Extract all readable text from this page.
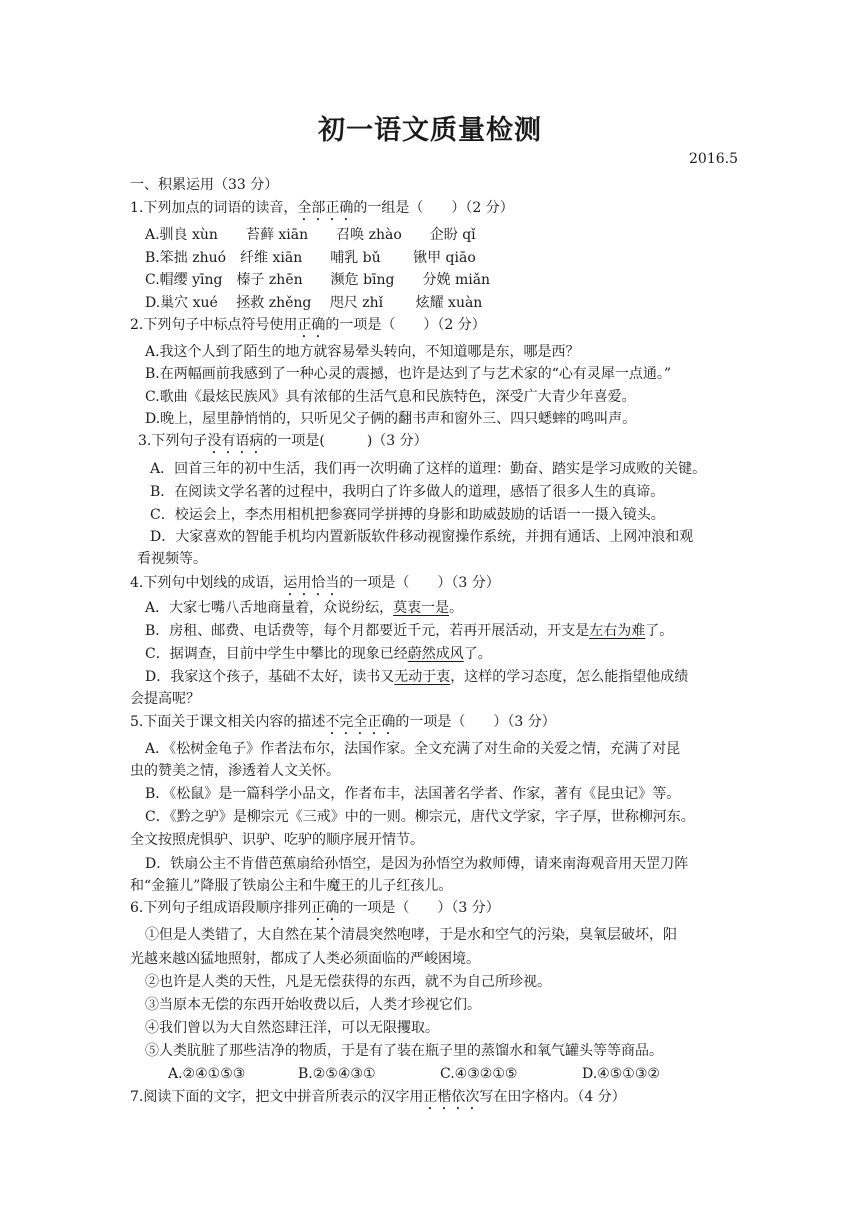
初一语文质量检测
2016.5
一、积累运用（33 分）
1.下列加点的词语的读音，全部正确的一组是（　　）（2 分）
A.驯良 xùn　　苔藓 xiān　　召唤 zhào　　企盼 qǐ
B.笨拙 zhuó　纤维 xiān　　哺乳 bǔ　　 锹甲 qiāo
C.帽缨 yīng　榛子 zhēn　　濒危 bīng　　分娩 miǎn
D.巢穴 xué　 拯救 zhěng　 咫尺 zhǐ　　 炫耀 xuàn
2.下列句子中标点符号使用正确的一项是（　　）（2 分）
A.我这个人到了陌生的地方就容易晕头转向，不知道哪是东，哪是西？
B.在两幅画前我感到了一种心灵的震撼，也许是达到了与艺术家的“心有灵犀一点通。”
C.歌曲《最炫民族风》具有浓郁的生活气息和民族特色，深受广大青少年喜爱。
D.晚上，屋里静悄悄的，只听见父子俩的翻书声和窗外三、四只蟋蟀的鸣叫声。
3.下列句子没有语病的一项是(　　　)（3 分）
A．回首三年的初中生活，我们再一次明确了这样的道理：勤奋、踏实是学习成败的关键。
B．在阅读文学名著的过程中，我明白了许多做人的道理，感悟了很多人生的真谛。
C．校运会上，李杰用相机把参赛同学拼搏的身影和助威鼓励的话语一一摄入镜头。
D．大家喜欢的智能手机均内置新版软件移动视窗操作系统，并拥有通话、上网冲浪和观
看视频等。
4.下列句中划线的成语，运用恰当的一项是（　　）（3 分）
A．大家七嘴八舌地商量着，众说纷纭，莫衷一是。
B．房租、邮费、电话费等，每个月都要近千元，若再开展活动，开支是左右为难了。
C．据调查，目前中学生中攀比的现象已经蔚然成风了。
D．我家这个孩子，基础不太好，读书又无动于衷，这样的学习态度，怎么能指望他成绩
会提高呢？
5.下面关于课文相关内容的描述不完全正确的一项是（　　）（3 分）
A．《松树金龟子》作者法布尔，法国作家。全文充满了对生命的关爱之情，充满了对昆
虫的赞美之情，渗透着人文关怀。
B．《松鼠》是一篇科学小品文，作者布丰，法国著名学者、作家，著有《昆虫记》等。
C．《黔之驴》是柳宗元《三戒》中的一则。柳宗元，唐代文学家，字子厚，世称柳河东。
全文按照虎惧驴、识驴、吃驴的顺序展开情节。
D．铁扇公主不肯借芭蕉扇给孙悟空，是因为孙悟空为救师傅，请来南海观音用天罡刀阵
和“金箍儿”降服了铁扇公主和牛魔王的儿子红孩儿。
6.下列句子组成语段顺序排列正确的一项是（　　）（3 分）
①但是人类错了，大自然在某个清晨突然咆哮，于是水和空气的污染，臭氧层破坏，阳
光越来越凶猛地照射，都成了人类必须面临的严峻困境。
②也许是人类的天性，凡是无偿获得的东西，就不为自己所珍视。
③当原本无偿的东西开始收费以后，人类才珍视它们。
④我们曾以为大自然恣肆汪洋，可以无限攫取。
⑤人类肮脏了那些洁净的物质，于是有了装在瓶子里的蒸馏水和氧气罐头等等商品。
A.②④①⑤③	B.②⑤④③①	C.④③②①⑤	D.④⑤①③②
7.阅读下面的文字，把文中拼音所表示的汉字用正楷依次写在田字格内。（4 分）
